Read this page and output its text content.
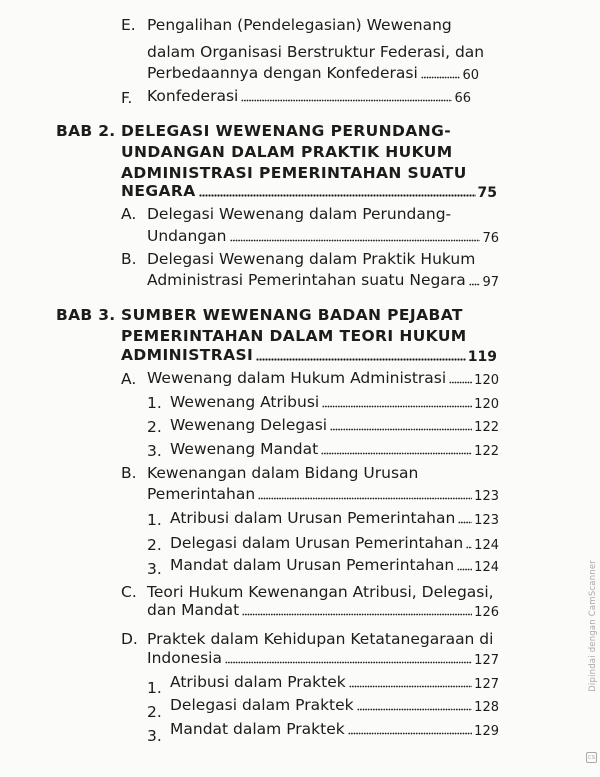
E. Pengalihan (Pendelegasian) Wewenang
dalam Organisasi Berstruktur Federasi, dan
Perbedaannya dengan Konfederasi	60
F. Konfederasi	66
BAB 2. DELEGASI WEWENANG PERUNDANG-
UNDANGAN DALAM PRAKTIK HUKUM
ADMINISTRASI PEMERINTAHAN SUATU
NEGARA	75
A. Delegasi Wewenang dalam Perundang-
Undangan	76
B. Delegasi Wewenang dalam Praktik Hukum
Administrasi Pemerintahan suatu Negara 97
BAB 3. SUMBER WEWENANG BADAN PEJABAT
PEMERINTAHAN DALAM TEORI HUKUM
ADMINISTRASI	119
A. Wewenang dalam Hukum Administrasi 120
1. Wewenang Atribusi	120
2. Wewenang Delegasi	122
3. Wewenang Mandat	122
B. Kewenangan dalam Bidang Urusan
Pemerintahan	123
1. Atribusi dalam Urusan Pemerintahan 123
2. Delegasi dalam Urusan Pemerintahan 124
3. Mandat dalam Urusan Pemerintahan 124
C. Teori Hukum Kewenangan Atribusi, Delegasi,
dan Mandat	126
D. Praktek dalam Kehidupan Ketatanegaraan di
Indonesia	127
1. Atribusi dalam Praktek	127
2. Delegasi dalam Praktek	128
3. Mandat dalam Praktek	129
Dipindai dengan CamScanner
CS
